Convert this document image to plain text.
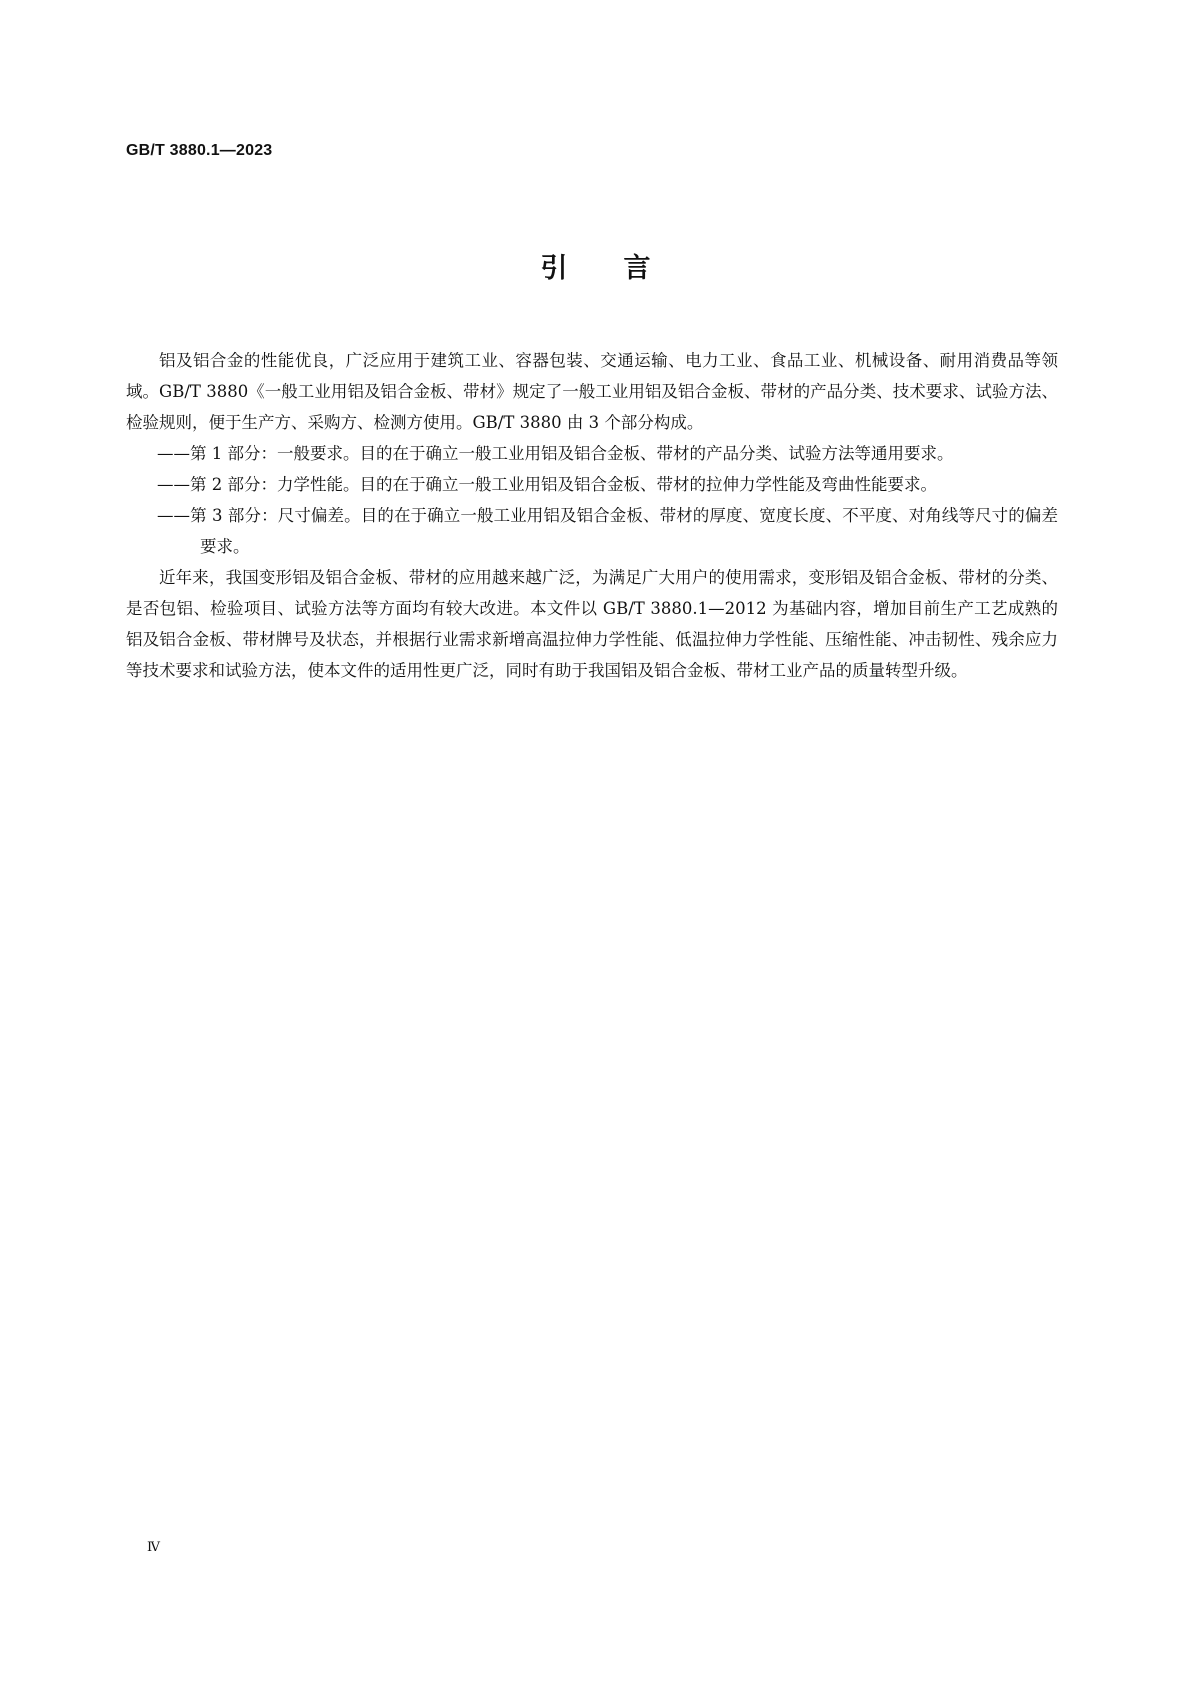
GB/T 3880.1—2023
引言

铝及铝合金的性能优良，广泛应用于建筑工业、容器包装、交通运输、电力工业、食品工业、机械设备、耐用消费品等领域。GB/T 3880《一般工业用铝及铝合金板、带材》规定了一般工业用铝及铝合金板、带材的产品分类、技术要求、试验方法、检验规则，便于生产方、采购方、检测方使用。GB/T 3880 由 3 个部分构成。

——第 1 部分：一般要求。目的在于确立一般工业用铝及铝合金板、带材的产品分类、试验方法等通用要求。
——第 2 部分：力学性能。目的在于确立一般工业用铝及铝合金板、带材的拉伸力学性能及弯曲性能要求。
——第 3 部分：尺寸偏差。目的在于确立一般工业用铝及铝合金板、带材的厚度、宽度长度、不平度、对角线等尺寸的偏差要求。

近年来，我国变形铝及铝合金板、带材的应用越来越广泛，为满足广大用户的使用需求，变形铝及铝合金板、带材的分类、是否包铝、检验项目、试验方法等方面均有较大改进。本文件以 GB/T 3880.1—2012 为基础内容，增加目前生产工艺成熟的铝及铝合金板、带材牌号及状态，并根据行业需求新增高温拉伸力学性能、低温拉伸力学性能、压缩性能、冲击韧性、残余应力等技术要求和试验方法，使本文件的适用性更广泛，同时有助于我国铝及铝合金板、带材工业产品的质量转型升级。

Ⅳ
